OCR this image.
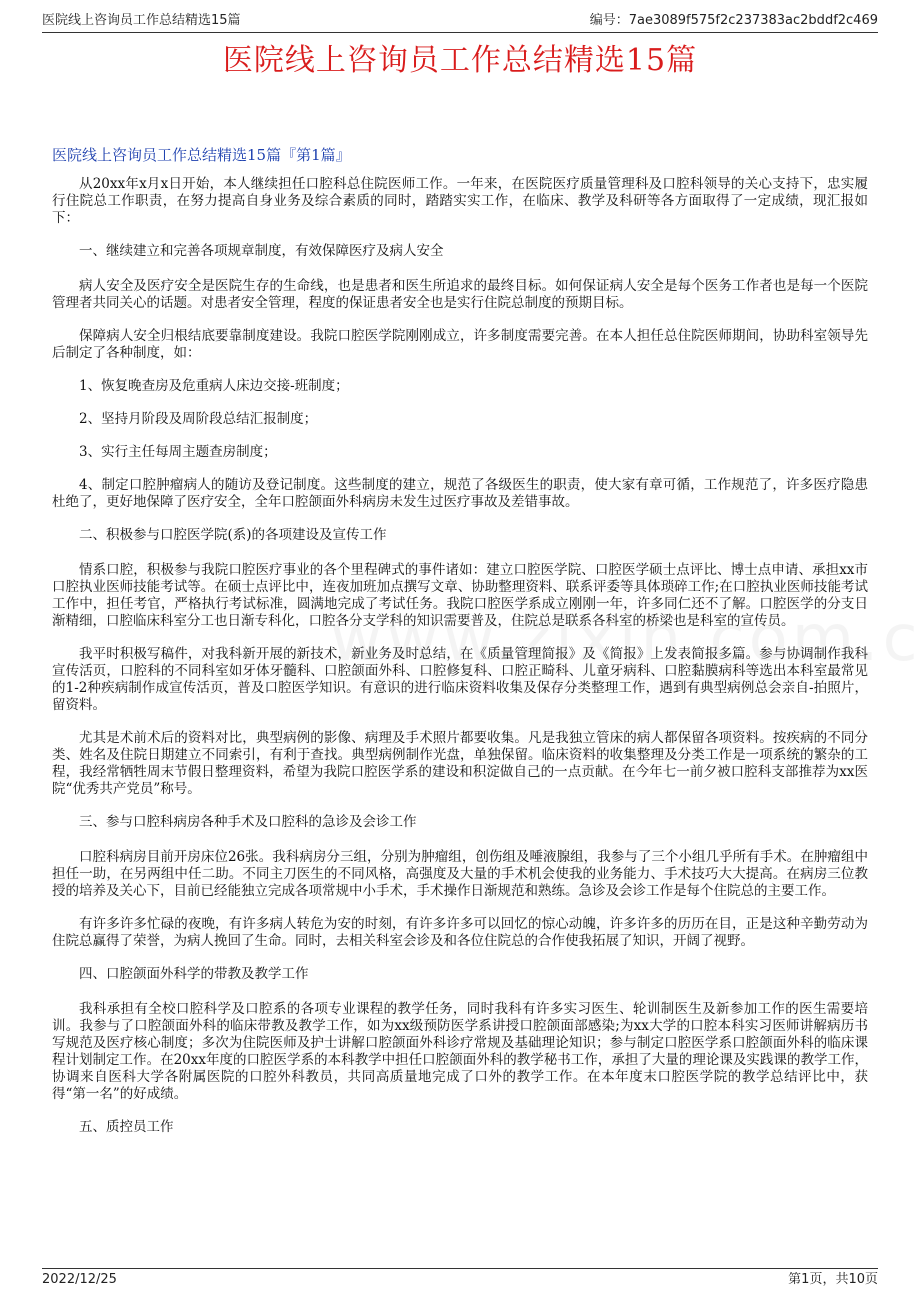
医院线上咨询员工作总结精选15篇	编号：7ae3089f575f2c237383ac2bddf2c469
医院线上咨询员工作总结精选15篇
医院线上咨询员工作总结精选15篇『第1篇』

从20xx年x月x日开始，本人继续担任口腔科总住院医师工作。一年来，在医院医疗质量管理科及口腔科领导的关心支持下，忠实履行住院总工作职责，在努力提高自身业务及综合素质的同时，踏踏实实工作，在临床、教学及科研等各方面取得了一定成绩，现汇报如下：

一、继续建立和完善各项规章制度，有效保障医疗及病人安全

病人安全及医疗安全是医院生存的生命线，也是患者和医生所追求的最终目标。如何保证病人安全是每个医务工作者也是每一个医院管理者共同关心的话题。对患者安全管理，程度的保证患者安全也是实行住院总制度的预期目标。

保障病人安全归根结底要靠制度建设。我院口腔医学院刚刚成立，许多制度需要完善。在本人担任总住院医师期间，协助科室领导先后制定了各种制度，如：

1、恢复晚查房及危重病人床边交接-班制度；

2、坚持月阶段及周阶段总结汇报制度；

3、实行主任每周主题查房制度；

4、制定口腔肿瘤病人的随访及登记制度。这些制度的建立，规范了各级医生的职责，使大家有章可循，工作规范了，许多医疗隐患杜绝了，更好地保障了医疗安全，全年口腔颌面外科病房未发生过医疗事故及差错事故。

二、积极参与口腔医学院(系)的各项建设及宣传工作

情系口腔，积极参与我院口腔医疗事业的各个里程碑式的事件诸如：建立口腔医学院、口腔医学硕士点评比、博士点申请、承担xx市口腔执业医师技能考试等。在硕士点评比中，连夜加班加点撰写文章、协助整理资料、联系评委等具体琐碎工作;在口腔执业医师技能考试工作中，担任考官，严格执行考试标准，圆满地完成了考试任务。我院口腔医学系成立刚刚一年，许多同仁还不了解。口腔医学的分支日渐精细，口腔临床科室分工也日渐专科化，口腔各分支学科的知识需要普及，住院总是联系各科室的桥梁也是科室的宣传员。

我平时积极写稿件，对我科新开展的新技术，新业务及时总结，在《质量管理简报》及《简报》上发表简报多篇。参与协调制作我科宣传活页，口腔科的不同科室如牙体牙髓科、口腔颌面外科、口腔修复科、口腔正畸科、儿童牙病科、口腔黏膜病科等选出本科室最常见的1-2种疾病制作成宣传活页，普及口腔医学知识。有意识的进行临床资料收集及保存分类整理工作，遇到有典型病例总会亲自-拍照片，留资料。

尤其是术前术后的资料对比，典型病例的影像、病理及手术照片都要收集。凡是我独立管床的病人都保留各项资料。按疾病的不同分类、姓名及住院日期建立不同索引，有利于查找。典型病例制作光盘，单独保留。临床资料的收集整理及分类工作是一项系统的繁杂的工程，我经常牺牲周末节假日整理资料，希望为我院口腔医学系的建设和积淀做自己的一点贡献。在今年七一前夕被口腔科支部推荐为xx医院“优秀共产党员”称号。

三、参与口腔科病房各种手术及口腔科的急诊及会诊工作

口腔科病房目前开房床位26张。我科病房分三组，分别为肿瘤组，创伤组及唾液腺组，我参与了三个小组几乎所有手术。在肿瘤组中担任一助，在另两组中任二助。不同主刀医生的不同风格，高强度及大量的手术机会使我的业务能力、手术技巧大大提高。在病房三位教授的培养及关心下，目前已经能独立完成各项常规中小手术，手术操作日渐规范和熟练。急诊及会诊工作是每个住院总的主要工作。

有许多许多忙碌的夜晚，有许多病人转危为安的时刻，有许多许多可以回忆的惊心动魄，许多许多的历历在目，正是这种辛勤劳动为住院总赢得了荣誉，为病人挽回了生命。同时，去相关科室会诊及和各位住院总的合作使我拓展了知识，开阔了视野。

四、口腔颌面外科学的带教及教学工作

我科承担有全校口腔科学及口腔系的各项专业课程的教学任务，同时我科有许多实习医生、轮训制医生及新参加工作的医生需要培训。我参与了口腔颌面外科的临床带教及教学工作，如为xx级预防医学系讲授口腔颌面部感染;为xx大学的口腔本科实习医师讲解病历书写规范及医疗核心制度；多次为住院医师及护士讲解口腔颌面外科诊疗常规及基础理论知识；参与制定口腔医学系口腔颌面外科的临床课程计划制定工作。在20xx年度的口腔医学系的本科教学中担任口腔颌面外科的教学秘书工作，承担了大量的理论课及实践课的教学工作，协调来自医科大学各附属医院的口腔外科教员，共同高质量地完成了口外的教学工作。在本年度末口腔医学院的教学总结评比中，获得“第一名”的好成绩。

五、质控员工作

2022/12/25	第1页，共10页
